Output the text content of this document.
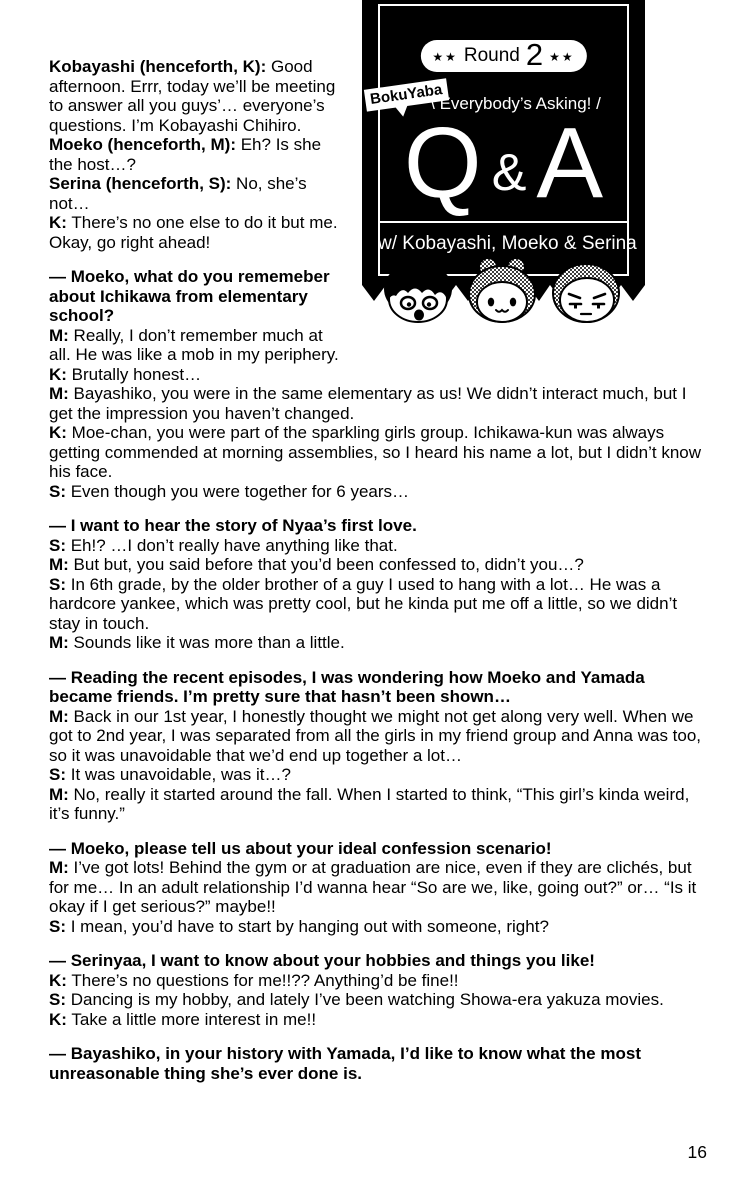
★★ Round 2 ★★
BokuYaba
\ Everybody’s Asking! /
Q & A
w/ Kobayashi, Moeko & Serina
Kobayashi (henceforth, K): Good afternoon. Errr, today we’ll be meeting to answer all you guys’… everyone’s questions. I’m Kobayashi Chihiro.
Moeko (henceforth, M): Eh? Is she the host…?
Serina (henceforth, S): No, she’s not…
K: There’s no one else to do it but me. Okay, go right ahead!
— Moeko, what do you rememeber about Ichikawa from elementary school?
M: Really, I don’t remember much at all. He was like a mob in my periphery.
K: Brutally honest…
M: Bayashiko, you were in the same elementary as us! We didn’t interact much, but I get the impression you haven’t changed.
K: Moe-chan, you were part of the sparkling girls group. Ichikawa-kun was always getting commended at morning assemblies, so I heard his name a lot, but I didn’t know his face.
S: Even though you were together for 6 years…
— I want to hear the story of Nyaa’s first love.
S: Eh!? …I don’t really have anything like that.
M: But but, you said before that you’d been confessed to, didn’t you…?
S: In 6th grade, by the older brother of a guy I used to hang with a lot… He was a hardcore yankee, which was pretty cool, but he kinda put me off a little, so we didn’t stay in touch.
M: Sounds like it was more than a little.
— Reading the recent episodes, I was wondering how Moeko and Yamada became friends. I’m pretty sure that hasn’t been shown…
M: Back in our 1st year, I honestly thought we might not get along very well. When we got to 2nd year, I was separated from all the girls in my friend group and Anna was too, so it was unavoidable that we’d end up together a lot…
S: It was unavoidable, was it…?
M: No, really it started around the fall. When I started to think, “This girl’s kinda weird, it’s funny.”
— Moeko, please tell us about your ideal confession scenario!
M: I’ve got lots! Behind the gym or at graduation are nice, even if they are clichés, but for me… In an adult relationship I’d wanna hear “So are we, like, going out?” or… “Is it okay if I get serious?” maybe!!
S: I mean, you’d have to start by hanging out with someone, right?
— Serinyaa, I want to know about your hobbies and things you like!
K: There’s no questions for me!!?? Anything’d be fine!!
S: Dancing is my hobby, and lately I’ve been watching Showa-era yakuza movies.
K: Take a little more interest in me!!
— Bayashiko, in your history with Yamada, I’d like to know what the most unreasonable thing she’s ever done is.
16
